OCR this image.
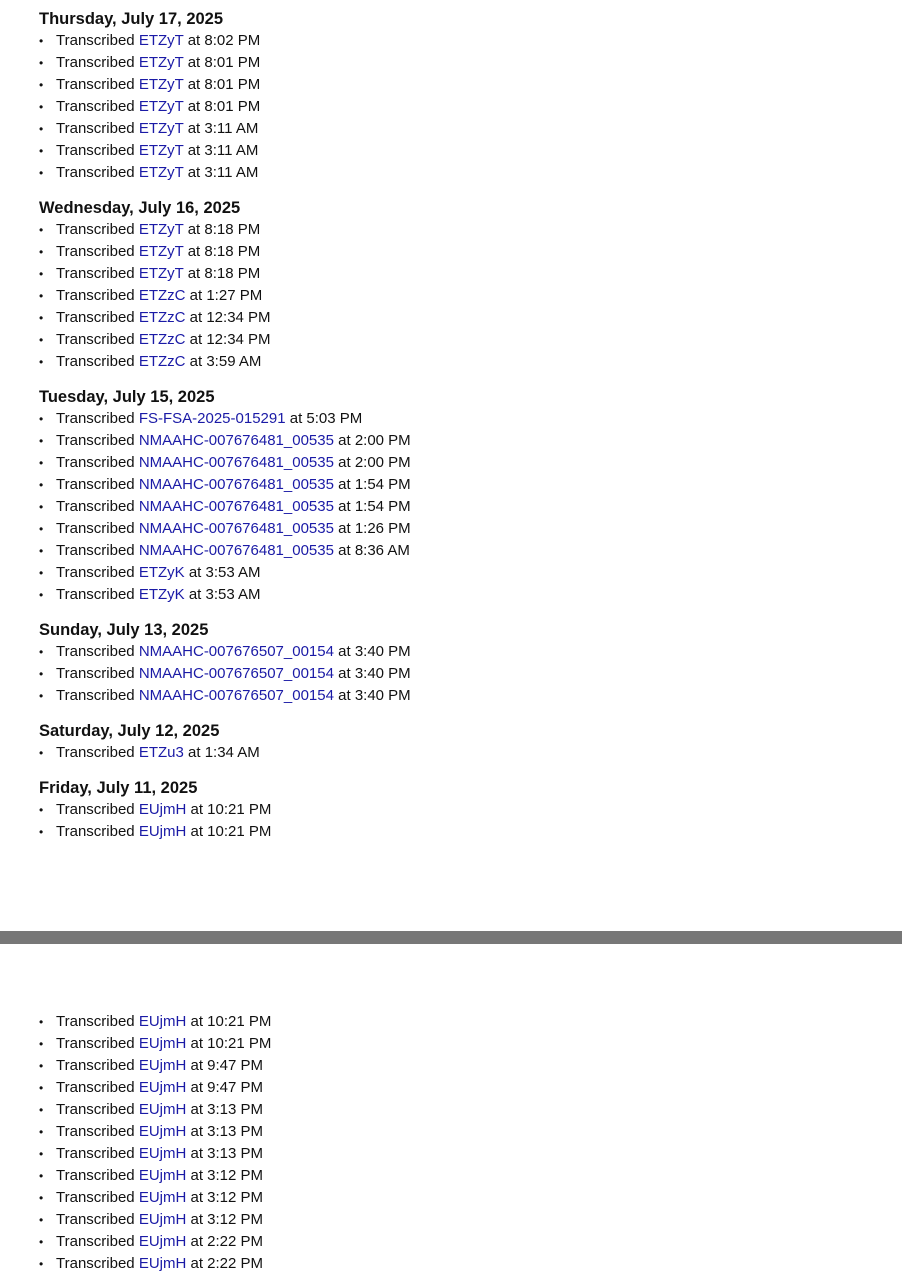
Thursday, July 17, 2025
• Transcribed ETZyT at 8:02 PM
• Transcribed ETZyT at 8:01 PM
• Transcribed ETZyT at 8:01 PM
• Transcribed ETZyT at 8:01 PM
• Transcribed ETZyT at 3:11 AM
• Transcribed ETZyT at 3:11 AM
• Transcribed ETZyT at 3:11 AM
Wednesday, July 16, 2025
• Transcribed ETZyT at 8:18 PM
• Transcribed ETZyT at 8:18 PM
• Transcribed ETZyT at 8:18 PM
• Transcribed ETZzC at 1:27 PM
• Transcribed ETZzC at 12:34 PM
• Transcribed ETZzC at 12:34 PM
• Transcribed ETZzC at 3:59 AM
Tuesday, July 15, 2025
• Transcribed FS-FSA-2025-015291 at 5:03 PM
• Transcribed NMAAHC-007676481_00535 at 2:00 PM
• Transcribed NMAAHC-007676481_00535 at 2:00 PM
• Transcribed NMAAHC-007676481_00535 at 1:54 PM
• Transcribed NMAAHC-007676481_00535 at 1:54 PM
• Transcribed NMAAHC-007676481_00535 at 1:26 PM
• Transcribed NMAAHC-007676481_00535 at 8:36 AM
• Transcribed ETZyK at 3:53 AM
• Transcribed ETZyK at 3:53 AM
Sunday, July 13, 2025
• Transcribed NMAAHC-007676507_00154 at 3:40 PM
• Transcribed NMAAHC-007676507_00154 at 3:40 PM
• Transcribed NMAAHC-007676507_00154 at 3:40 PM
Saturday, July 12, 2025
• Transcribed ETZu3 at 1:34 AM
Friday, July 11, 2025
• Transcribed EUjmH at 10:21 PM
• Transcribed EUjmH at 10:21 PM
• Transcribed EUjmH at 10:21 PM
• Transcribed EUjmH at 10:21 PM
• Transcribed EUjmH at 9:47 PM
• Transcribed EUjmH at 9:47 PM
• Transcribed EUjmH at 3:13 PM
• Transcribed EUjmH at 3:13 PM
• Transcribed EUjmH at 3:13 PM
• Transcribed EUjmH at 3:12 PM
• Transcribed EUjmH at 3:12 PM
• Transcribed EUjmH at 3:12 PM
• Transcribed EUjmH at 2:22 PM
• Transcribed EUjmH at 2:22 PM
